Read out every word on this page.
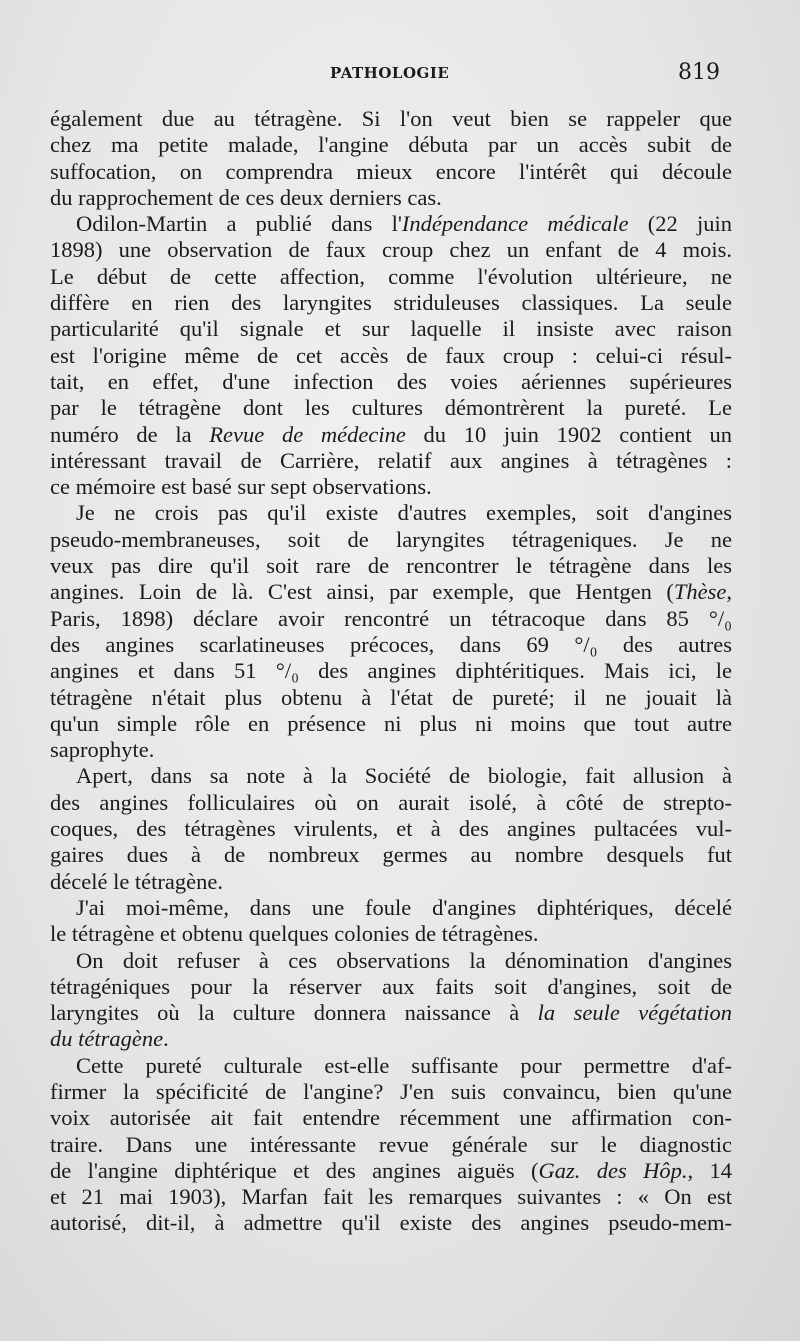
PATHOLOGIE	819
également due au tétragène. Si l'on veut bien se rappeler que
chez ma petite malade, l'angine débuta par un accès subit de
suffocation, on comprendra mieux encore l'intérêt qui découle
du rapprochement de ces deux derniers cas.
Odilon-Martin a publié dans l'Indépendance médicale (22 juin
1898) une observation de faux croup chez un enfant de 4 mois.
Le début de cette affection, comme l'évolution ultérieure, ne
diffère en rien des laryngites striduleuses classiques. La seule
particularité qu'il signale et sur laquelle il insiste avec raison
est l'origine même de cet accès de faux croup : celui-ci résul-
tait, en effet, d'une infection des voies aériennes supérieures
par le tétragène dont les cultures démontrèrent la pureté. Le
numéro de la Revue de médecine du 10 juin 1902 contient un
intéressant travail de Carrière, relatif aux angines à tétragènes :
ce mémoire est basé sur sept observations.
Je ne crois pas qu'il existe d'autres exemples, soit d'angines
pseudo-membraneuses, soit de laryngites tétrageniques. Je ne
veux pas dire qu'il soit rare de rencontrer le tétragène dans les
angines. Loin de là. C'est ainsi, par exemple, que Hentgen (Thèse,
Paris, 1898) déclare avoir rencontré un tétracoque dans 85 °/₀
des angines scarlatineuses précoces, dans 69 °/₀ des autres
angines et dans 51 °/₀ des angines diphtéritiques. Mais ici, le
tétragène n'était plus obtenu à l'état de pureté; il ne jouait là
qu'un simple rôle en présence ni plus ni moins que tout autre
saprophyte.
Apert, dans sa note à la Société de biologie, fait allusion à
des angines folliculaires où on aurait isolé, à côté de strepto-
coques, des tétragènes virulents, et à des angines pultacées vul-
gaires dues à de nombreux germes au nombre desquels fut
décelé le tétragène.
J'ai moi-même, dans une foule d'angines diphtériques, décelé
le tétragène et obtenu quelques colonies de tétragènes.
On doit refuser à ces observations la dénomination d'angines
tétragéniques pour la réserver aux faits soit d'angines, soit de
laryngites où la culture donnera naissance à la seule végétation
du tétragène.
Cette pureté culturale est-elle suffisante pour permettre d'af-
firmer la spécificité de l'angine? J'en suis convaincu, bien qu'une
voix autorisée ait fait entendre récemment une affirmation con-
traire. Dans une intéressante revue générale sur le diagnostic
de l'angine diphtérique et des angines aiguës (Gaz. des Hôp., 14
et 21 mai 1903), Marfan fait les remarques suivantes : « On est
autorisé, dit-il, à admettre qu'il existe des angines pseudo-mem-
